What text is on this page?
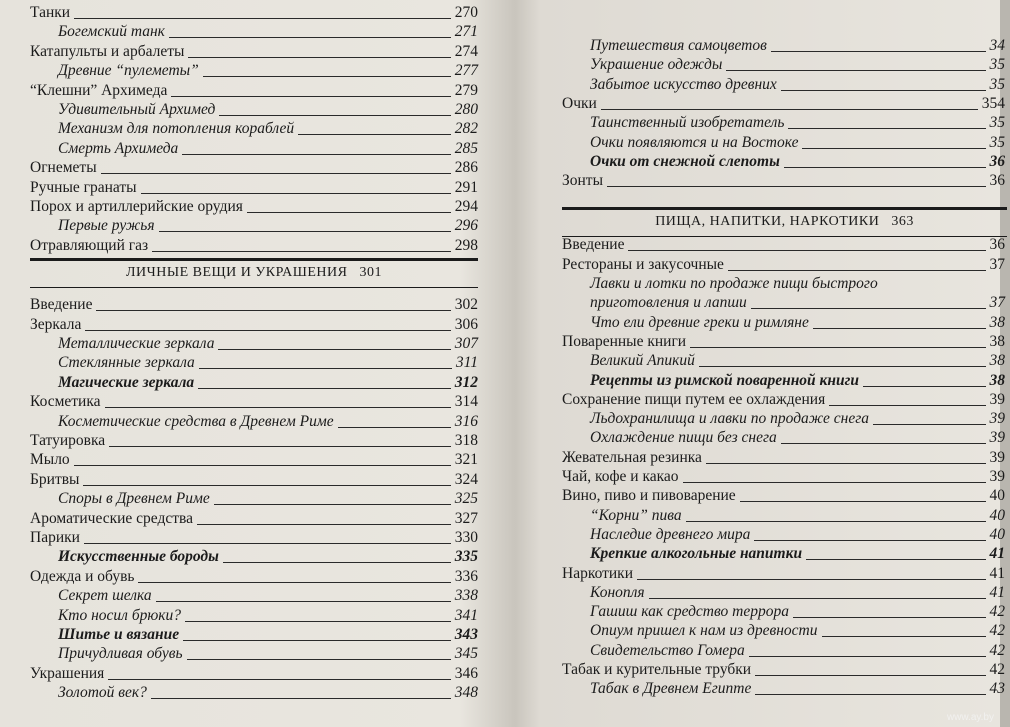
Танки	270
Богемский танк	271
Катапульты и арбалеты	274
Древние “пулеметы”	277
“Клешни” Архимеда	279
Удивительный Архимед	280
Механизм для потопления кораблей	282
Смерть Архимеда	285
Огнеметы	286
Ручные гранаты	291
Порох и артиллерийские орудия	294
Первые ружья	296
Отравляющий газ	298
Введение	302
Зеркала	306
Металлические зеркала	307
Стеклянные зеркала	311
Магические зеркала	312
Косметика	314
Косметические средства в Древнем Риме	316
Татуировка	318
Мыло	321
Бритвы	324
Споры в Древнем Риме	325
Ароматические средства	327
Парики	330
Искусственные бороды	335
Одежда и обувь	336
Секрет шелка	338
Кто носил брюки?	341
Шитье и вязание	343
Причудливая обувь	345
Украшения	346
Золотой век?	348
ЛИЧНЫЕ ВЕЩИ И УКРАШЕНИЯ 301
Путешествия самоцветов	34
Украшение одежды	35
Забытое искусство древних	35
Очки	354
Таинственный изобретатель	35
Очки появляются и на Востоке	35
Очки от снежной слепоты	36
Зонты	36
Введение	36
Рестораны и закусочные	37
Лавки и лотки по продаже пищи быстрого
приготовления и лапши	37
Что ели древние греки и римляне	38
Поваренные книги	38
Великий Апикий	38
Рецепты из римской поваренной книги	38
Сохранение пищи путем ее охлаждения	39
Льдохранилища и лавки по продаже снега	39
Охлаждение пищи без снега	39
Жевательная резинка	39
Чай, кофе и какао	39
Вино, пиво и пивоварение	40
“Корни” пива	40
Наследие древнего мира	40
Крепкие алкогольные напитки	41
Наркотики	41
Конопля	41
Гашиш как средство террора	42
Опиум пришел к нам из древности	42
Свидетельство Гомера	42
Табак и курительные трубки	42
Табак в Древнем Египте	43
ПИЩА, НАПИТКИ, НАРКОТИКИ 363
www.ay.by
